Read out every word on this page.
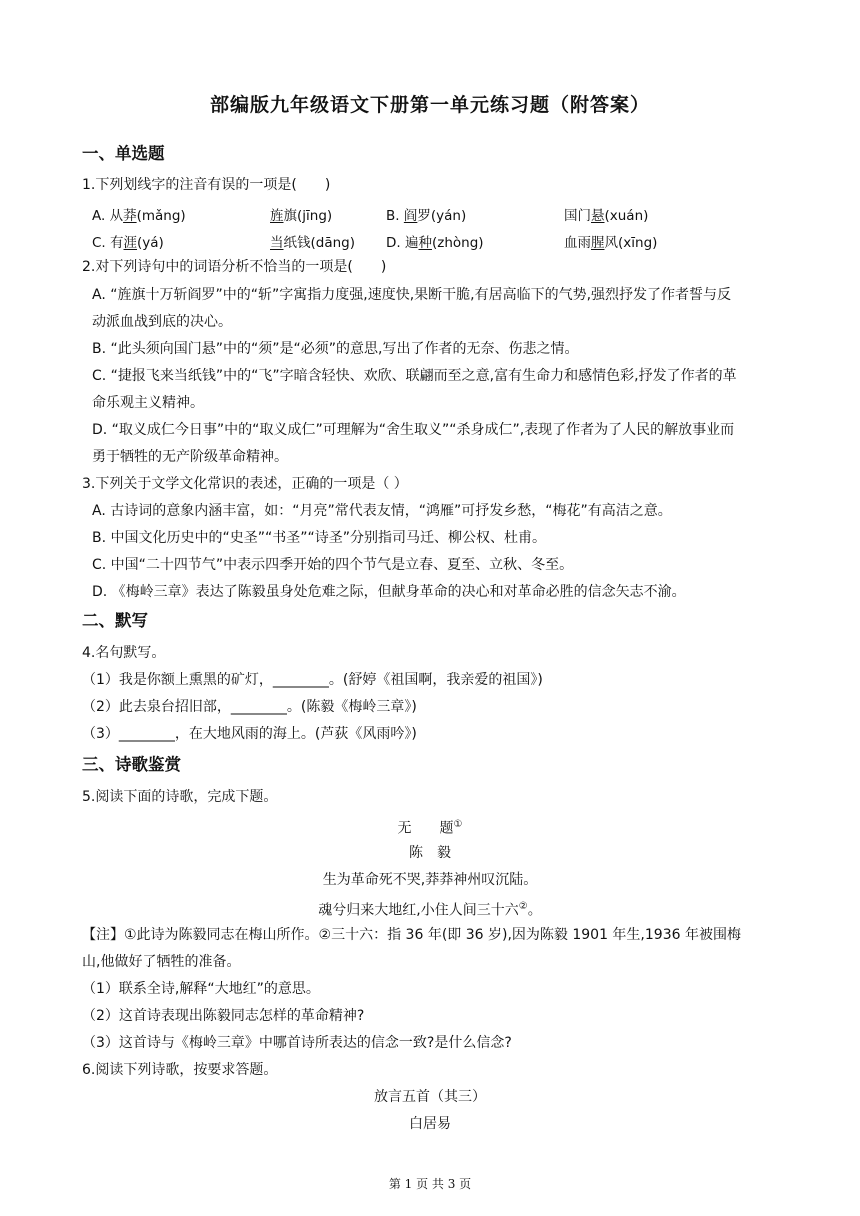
部编版九年级语文下册第一单元练习题（附答案）
一、单选题
1.下列划线字的注音有误的一项是(　　)
A. 从莽(mǎng)	旌旗(jīng)	B. 阎罗(yán)	国门悬(xuán)
C. 有涯(yá)	当纸钱(dāng) D. 遍种(zhòng)	血雨腥风(xīng)
2.对下列诗句中的词语分析不恰当的一项是(　　)
A. “旌旗十万斩阎罗”中的“斩”字寓指力度强,速度快,果断干脆,有居高临下的气势,强烈抒发了作者誓与反
动派血战到底的决心。
B. “此头须向国门悬”中的“须”是“必须”的意思,写出了作者的无奈、伤悲之情。
C. “捷报飞来当纸钱”中的“飞”字暗含轻快、欢欣、联翩而至之意,富有生命力和感情色彩,抒发了作者的革
命乐观主义精神。
D. “取义成仁今日事”中的“取义成仁”可理解为“舍生取义”“杀身成仁”,表现了作者为了人民的解放事业而
勇于牺牲的无产阶级革命精神。
3.下列关于文学文化常识的表述，正确的一项是（ ）
A. 古诗词的意象内涵丰富，如：“月亮”常代表友情，“鸿雁”可抒发乡愁，“梅花”有高洁之意。
B. 中国文化历史中的“史圣”“书圣”“诗圣”分别指司马迁、柳公权、杜甫。
C. 中国“二十四节气”中表示四季开始的四个节气是立春、夏至、立秋、冬至。
D. 《梅岭三章》表达了陈毅虽身处危难之际，但献身革命的决心和对革命必胜的信念矢志不渝。
二、默写
4.名句默写。
（1）我是你额上熏黑的矿灯，________。(舒婷《祖国啊，我亲爱的祖国》)
（2）此去泉台招旧部，________。(陈毅《梅岭三章》)
（3）________，在大地风雨的海上。(芦荻《风雨吟》)
三、诗歌鉴赏
5.阅读下面的诗歌，完成下题。
无　　题①
陈　毅
生为革命死不哭,莽莽神州叹沉陆。
魂兮归来大地红,小住人间三十六②。
【注】①此诗为陈毅同志在梅山所作。②三十六：指 36 年(即 36 岁),因为陈毅 1901 年生,1936 年被围梅
山,他做好了牺牲的准备。
（1）联系全诗,解释“大地红”的意思。
（2）这首诗表现出陈毅同志怎样的革命精神?
（3）这首诗与《梅岭三章》中哪首诗所表达的信念一致?是什么信念?
6.阅读下列诗歌，按要求答题。
放言五首（其三）
白居易
第 1 页 共 3 页
